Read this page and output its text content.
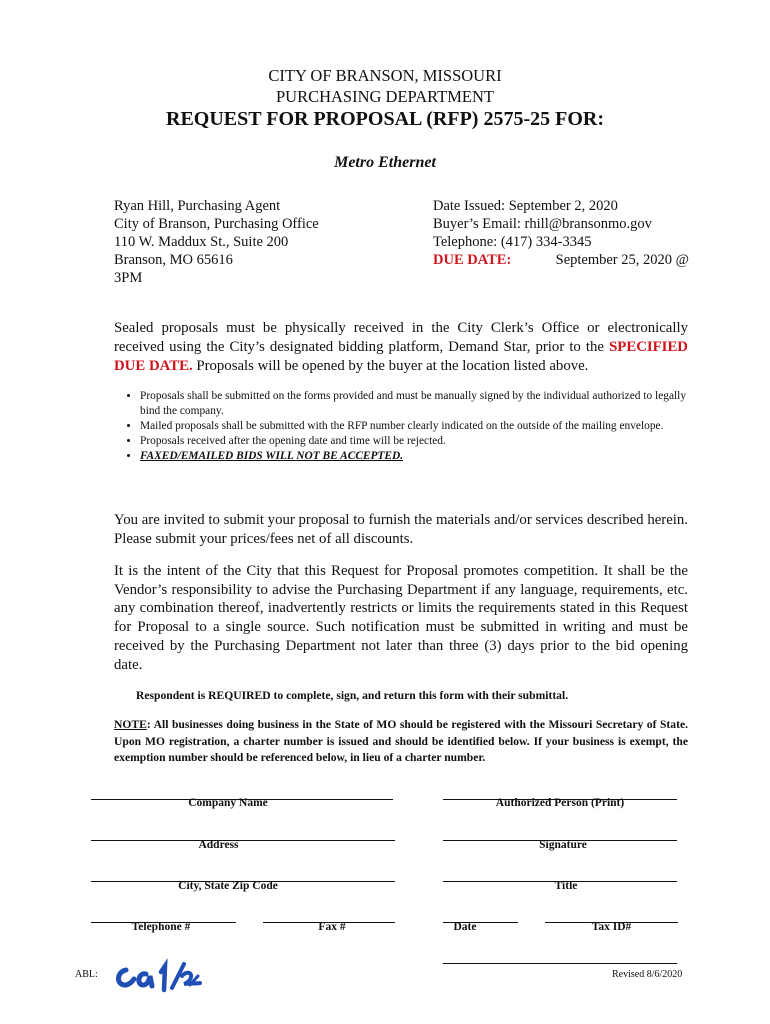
CITY OF BRANSON, MISSOURI
PURCHASING DEPARTMENT
REQUEST FOR PROPOSAL (RFP) 2575-25 FOR:
Metro Ethernet
Ryan Hill, Purchasing Agent
City of Branson, Purchasing Office
110 W. Maddux St., Suite 200
Branson, MO 65616
3PM
Date Issued: September 2, 2020
Buyer’s Email: rhill@bransonmo.gov
Telephone: (417) 334-3345
DUE DATE:	September 25, 2020 @
Sealed proposals must be physically received in the City Clerk’s Office or electronically received using the City’s designated bidding platform, Demand Star, prior to the SPECIFIED DUE DATE. Proposals will be opened by the buyer at the location listed above.
• Proposals shall be submitted on the forms provided and must be manually signed by the individual authorized to legally bind the company.
• Mailed proposals shall be submitted with the RFP number clearly indicated on the outside of the mailing envelope.
• Proposals received after the opening date and time will be rejected.
• FAXED/EMAILED BIDS WILL NOT BE ACCEPTED.
You are invited to submit your proposal to furnish the materials and/or services described herein. Please submit your prices/fees net of all discounts.
It is the intent of the City that this Request for Proposal promotes competition. It shall be the Vendor’s responsibility to advise the Purchasing Department if any language, requirements, etc. any combination thereof, inadvertently restricts or limits the requirements stated in this Request for Proposal to a single source. Such notification must be submitted in writing and must be received by the Purchasing Department not later than three (3) days prior to the bid opening date.
Respondent is REQUIRED to complete, sign, and return this form with their submittal.
NOTE: All businesses doing business in the State of MO should be registered with the Missouri Secretary of State. Upon MO registration, a charter number is issued and should be identified below. If your business is exempt, the exemption number should be referenced below, in lieu of a charter number.
Company Name	Authorized Person (Print)
Address	Signature
City, State Zip Code	Title
Telephone #	Fax #	Date	Tax ID#
ABL:	Revised 8/6/2020
